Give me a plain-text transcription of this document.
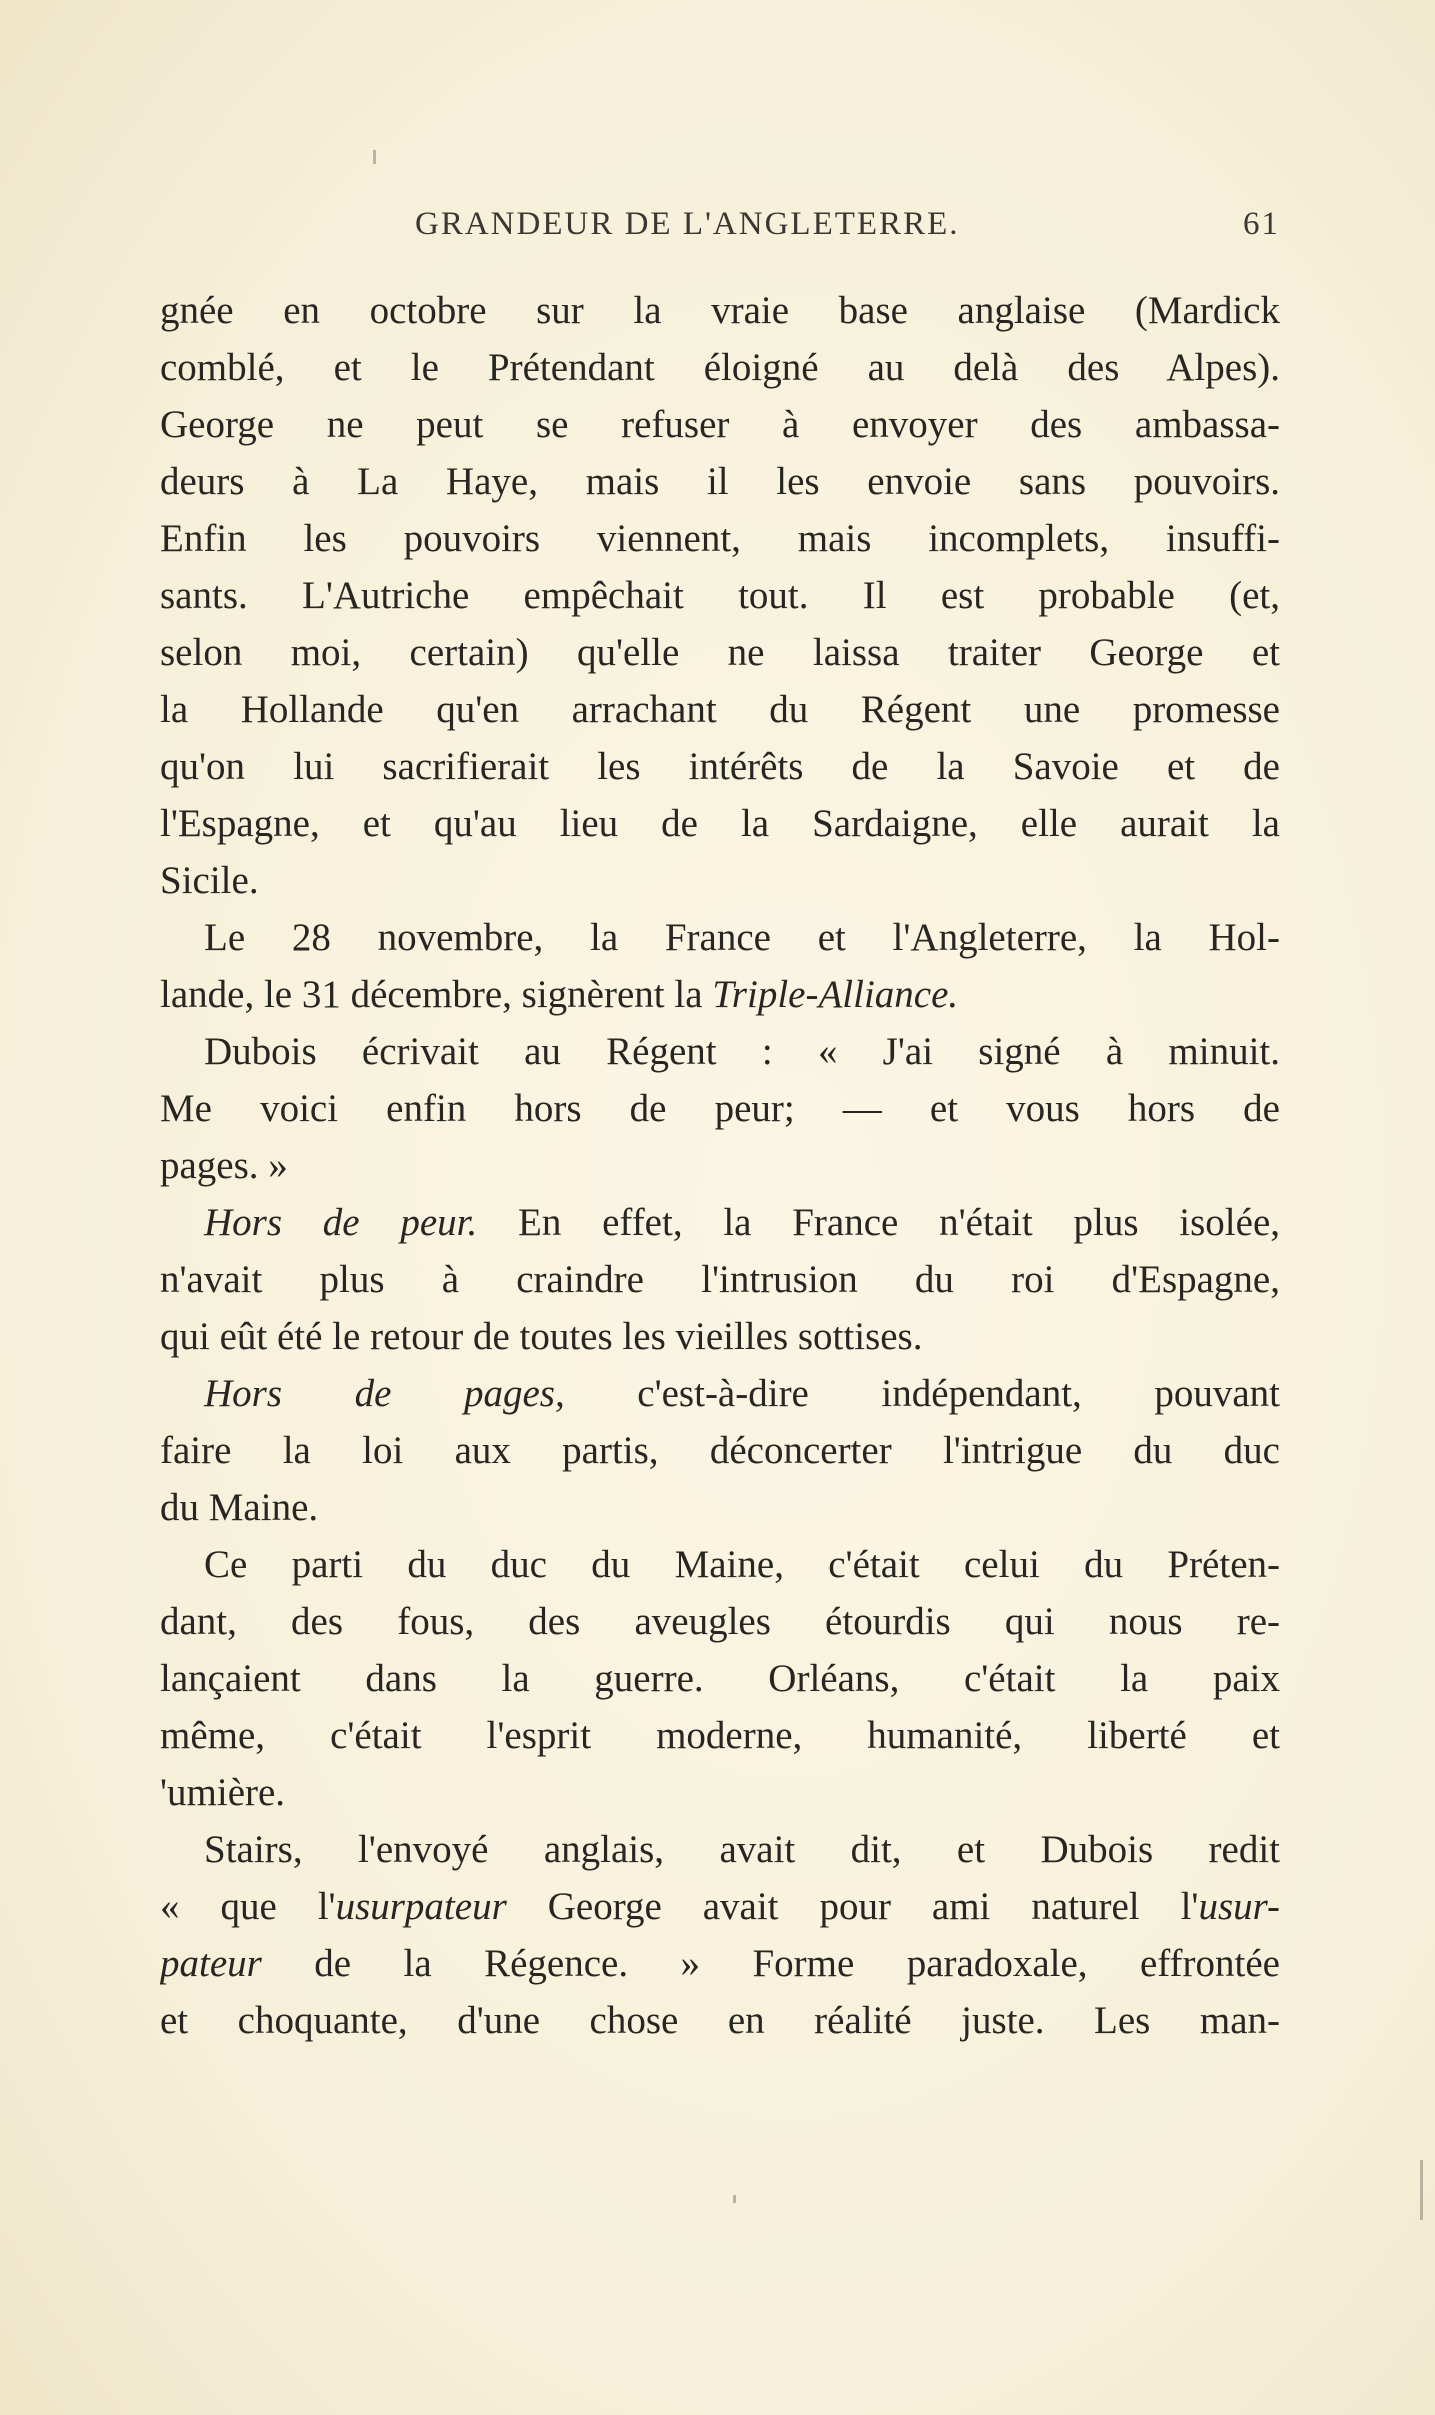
GRANDEUR DE L'ANGLETERRE.	61
gnée en octobre sur la vraie base anglaise (Mardick
comblé, et le Prétendant éloigné au delà des Alpes).
George ne peut se refuser à envoyer des ambassa-
deurs à La Haye, mais il les envoie sans pouvoirs.
Enfin les pouvoirs viennent, mais incomplets, insuffi-
sants. L'Autriche empêchait tout. Il est probable (et,
selon moi, certain) qu'elle ne laissa traiter George et
la Hollande qu'en arrachant du Régent une promesse
qu'on lui sacrifierait les intérêts de la Savoie et de
l'Espagne, et qu'au lieu de la Sardaigne, elle aurait la
Sicile.
Le 28 novembre, la France et l'Angleterre, la Hol-
lande, le 31 décembre, signèrent la Triple-Alliance.
Dubois écrivait au Régent : « J'ai signé à minuit.
Me voici enfin hors de peur; — et vous hors de
pages. »
Hors de peur. En effet, la France n'était plus isolée,
n'avait plus à craindre l'intrusion du roi d'Espagne,
qui eût été le retour de toutes les vieilles sottises.
Hors de pages, c'est-à-dire indépendant, pouvant
faire la loi aux partis, déconcerter l'intrigue du duc
du Maine.
Ce parti du duc du Maine, c'était celui du Préten-
dant, des fous, des aveugles étourdis qui nous re-
lançaient dans la guerre. Orléans, c'était la paix
même, c'était l'esprit moderne, humanité, liberté et
'umière.
Stairs, l'envoyé anglais, avait dit, et Dubois redit
« que l'usurpateur George avait pour ami naturel l'usur-
pateur de la Régence. » Forme paradoxale, effrontée
et choquante, d'une chose en réalité juste. Les man-
